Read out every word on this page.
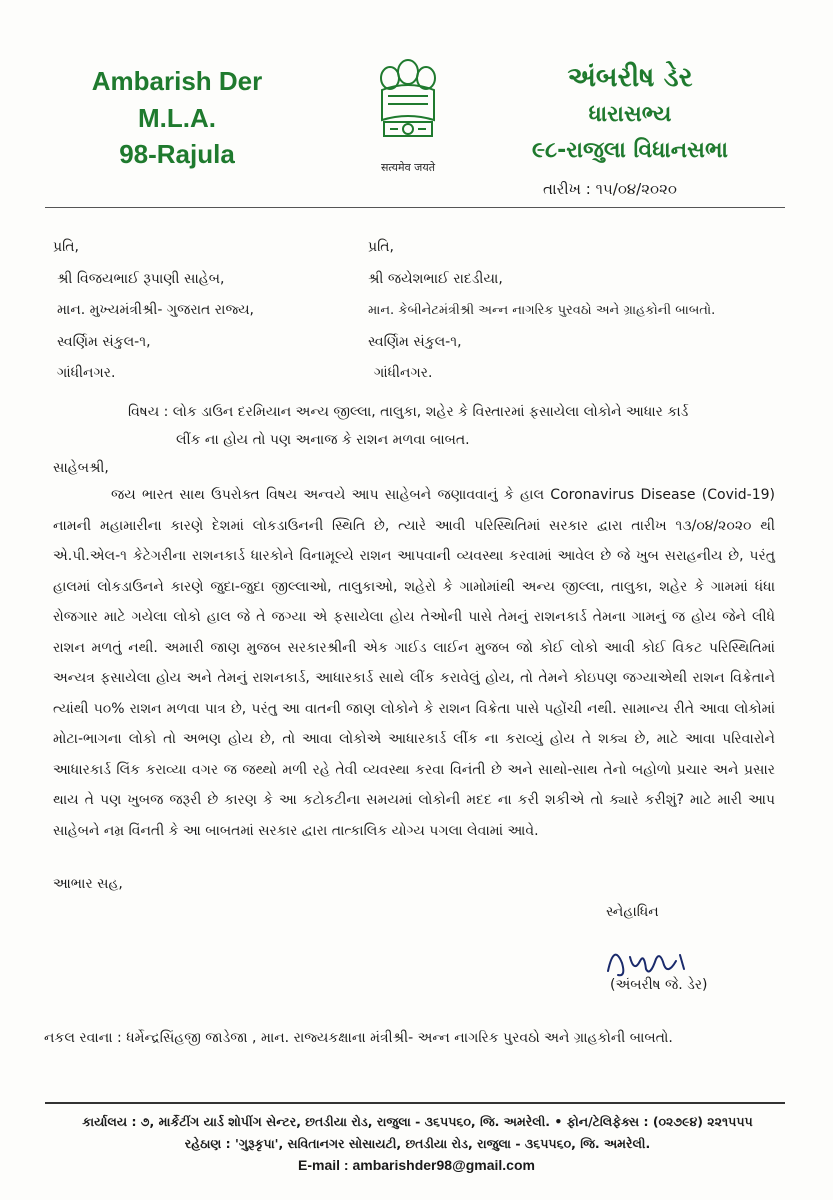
Ambarish Der
M.L.A.
98-Rajula	सत्यमेव जयते
અંબરીષ ડેર
ધારાસભ્ય
૯૮-રાજુલા વિધાનસભા
તારીખ : ૧૫/૦૪/૨૦૨૦
પ્રતિ,
શ્રી વિજયભાઈ રૂપાણી સાહેબ,
માન. મુખ્યમંત્રીશ્રી- ગુજરાત રાજ્ય,
સ્વર્ણિમ સંકુલ-૧,
ગાંધીનગર.
પ્રતિ,
શ્રી જયેશભાઈ રાદડીયા,
માન. કેબીનેટમંત્રીશ્રી અન્ન નાગરિક પુરવઠો અને ગ્રાહકોની બાબતો.
સ્વર્ણિમ સંકુલ-૧,
ગાંધીનગર.
વિષય : લોક ડાઉન દરમિયાન અન્ય જીલ્લા, તાલુકા, શહેર કે વિસ્તારમાં ફસાયેલા લોકોને આધાર કાર્ડ
લીંક ના હોય તો પણ અનાજ કે રાશન મળવા બાબત.
સાહેબશ્રી,
જય ભારત સાથ ઉપરોક્ત વિષય અન્વયે આપ સાહેબને જણાવવાનું કે હાલ Coronavirus Disease (Covid-19) નામની મહામારીના કારણે દેશમાં લોકડાઉનની સ્થિતિ છે, ત્યારે આવી પરિસ્થિતિમાં સરકાર દ્વારા તારીખ ૧૩/૦૪/૨૦૨૦ થી એ.પી.એલ-૧ કેટેગરીના રાશનકાર્ડ ધારકોને વિનામૂલ્યે રાશન આપવાની વ્યવસ્થા કરવામાં આવેલ છે જે ખુબ સરાહનીય છે, પરંતુ હાલમાં લોકડાઉનને કારણે જુદા-જુદા જીલ્લાઓ, તાલુકાઓ, શહેરો કે ગામોમાંથી અન્ય જીલ્લા, તાલુકા, શહેર કે ગામમાં ધંધા રોજગાર માટે ગયેલા લોકો હાલ જે તે જગ્યા એ ફસાયેલા હોય તેઓની પાસે તેમનું રાશનકાર્ડ તેમના ગામનું જ હોય જેને લીધે રાશન મળતું નથી. અમારી જાણ મુજબ સરકારશ્રીની એક ગાઈડ લાઈન મુજબ જો કોઈ લોકો આવી કોઈ વિકટ પરિસ્થિતિમાં અન્યત્ર ફસાયેલા હોય અને તેમનું રાશનકાર્ડ, આધારકાર્ડ સાથે લીંક કરાવેલું હોય, તો તેમને કોઇપણ જગ્યાએથી રાશન વિક્રેતાને ત્યાંથી ૫૦% રાશન મળવા પાત્ર છે, પરંતુ આ વાતની જાણ લોકોને કે રાશન વિક્રેતા પાસે પહોંચી નથી. સામાન્ય રીતે આવા લોકોમાં મોટા-ભાગના લોકો તો અભણ હોય છે, તો આવા લોકોએ આધારકાર્ડ લીંક ના કરાવ્યું હોય તે શક્ય છે, માટે આવા પરિવારોને આધારકાર્ડ લિંક કરાવ્યા વગર જ જથ્થો મળી રહે તેવી વ્યવસ્થા કરવા વિનંતી છે અને સાથો-સાથ તેનો બહોળો પ્રચાર અને પ્રસાર થાય તે પણ ખુબજ જરૂરી છે કારણ કે આ કટોકટીના સમયમાં લોકોની મદદ ના કરી શકીએ તો ક્યારે કરીશું? માટે મારી આપ સાહેબને નમ્ર વિંનતી કે આ બાબતમાં સરકાર દ્વારા તાત્કાલિક યોગ્ય પગલા લેવામાં આવે.
આભાર સહ,
સ્નેહાધિન
(અંબરીષ જે. ડેર)
નકલ રવાના : ધર્મેન્દ્રસિંહજી જાડેજા , માન. રાજ્યકક્ષાના મંત્રીશ્રી- અન્ન નાગરિક પુરવઠો અને ગ્રાહકોની બાબતો.
કાર્યાલય : ૭, માર્કેટીંગ યાર્ડ શોપીંગ સેન્ટર, છતડીયા રોડ, રાજુલા - ૩૬૫૫૬૦, જિ. અમરેલી. • ફોન/ટેલિફેક્સ : (૦૨૭૯૪) ૨૨૧૫૫૫
રહેઠાણ : 'ગુરૂકૃપા', સવિતાનગર સોસાયટી, છતડીયા રોડ, રાજુલા - ૩૬૫૫૬૦, જિ. અમરેલી.
E-mail : ambarishder98@gmail.com
